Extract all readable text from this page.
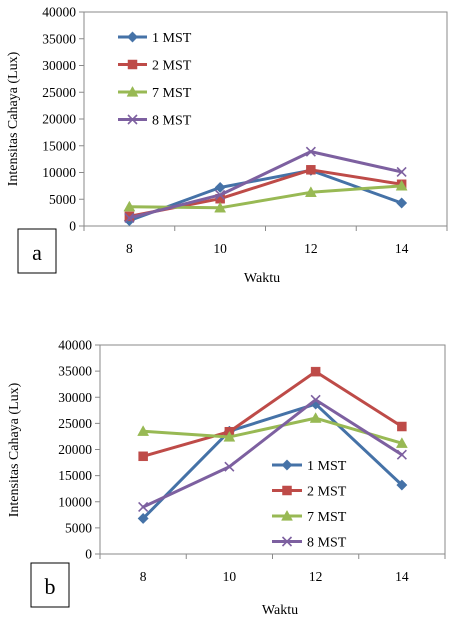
0
5000
10000
15000
20000
25000
30000
35000
40000
8	10	12	14
Waktu
Intensitas Cahaya (Lux)
1 MST
2 MST
7 MST
8 MST
a
0
5000
10000
15000
20000
25000
30000
35000
40000
8	10	12	14
Waktu
Intensitas Cahaya (Lux)	1 MST
2 MST
7 MST
8 MST
b
